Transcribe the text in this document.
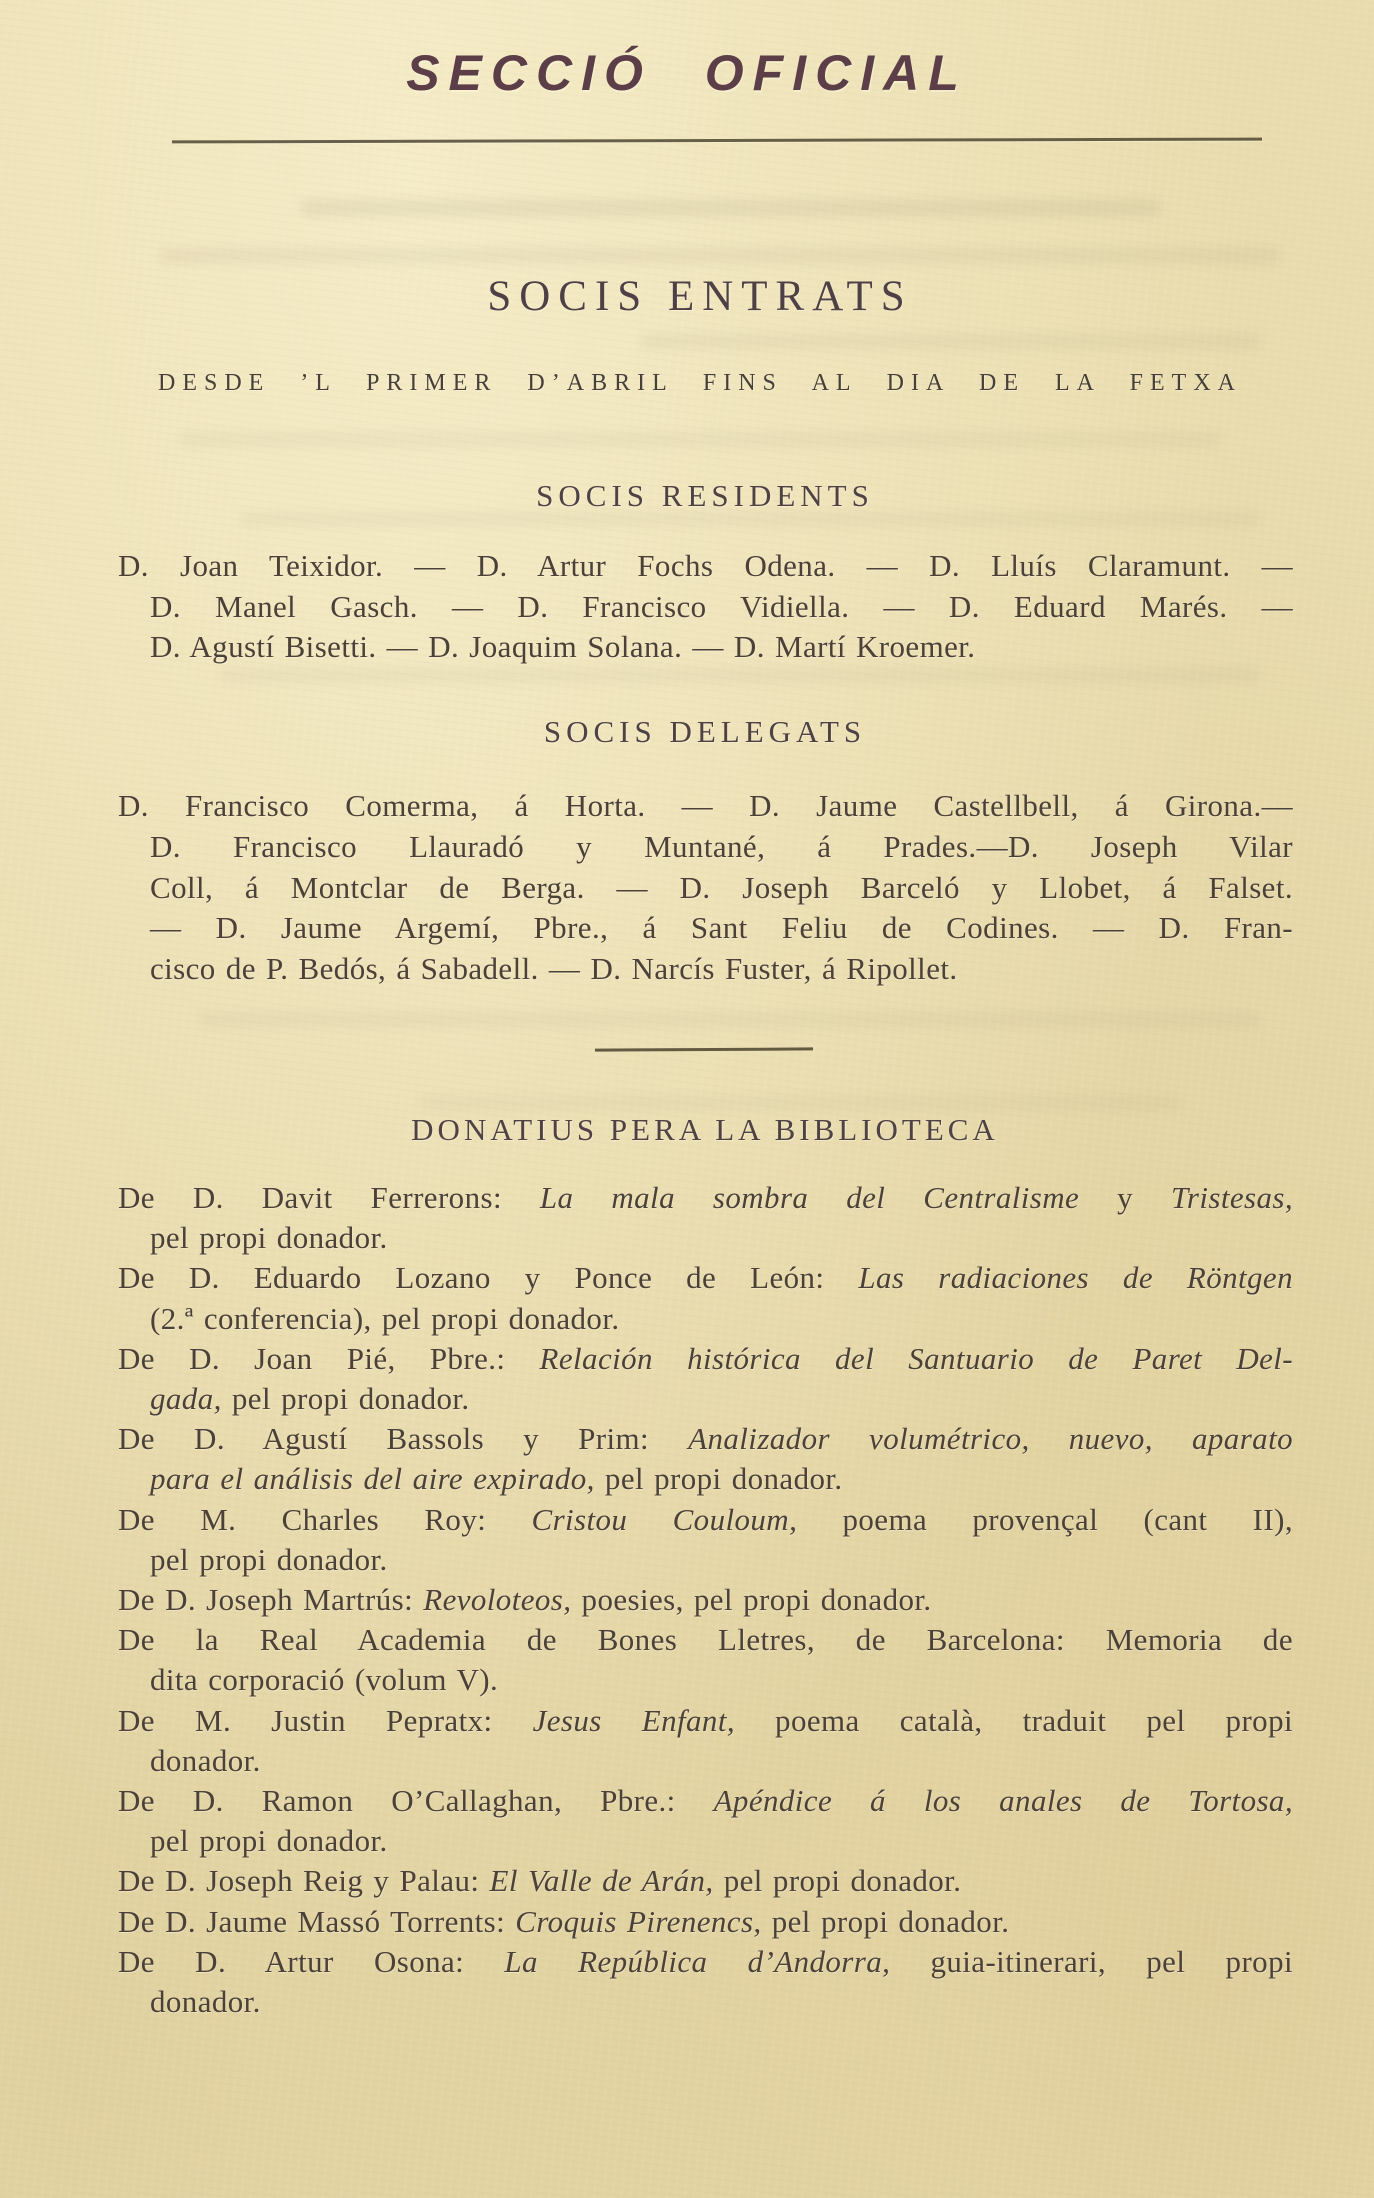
SECCIÓ OFICIAL
SOCIS ENTRATS
DESDE ’L PRIMER D’ABRIL FINS AL DIA DE LA FETXA
SOCIS RESIDENTS
D. Joan Teixidor. — D. Artur Fochs Odena. — D. Lluís Claramunt. —
D. Manel Gasch. — D. Francisco Vidiella. — D. Eduard Marés. —
D. Agustí Bisetti. — D. Joaquim Solana. — D. Martí Kroemer.
SOCIS DELEGATS
D. Francisco Comerma, á Horta. — D. Jaume Castellbell, á Girona.—
D. Francisco Llauradó y Muntané, á Prades.—D. Joseph Vilar
Coll, á Montclar de Berga. — D. Joseph Barceló y Llobet, á Falset.
— D. Jaume Argemí, Pbre., á Sant Feliu de Codines. — D. Fran-
cisco de P. Bedós, á Sabadell. — D. Narcís Fuster, á Ripollet.
DONATIUS PERA LA BIBLIOTECA
De D. Davit Ferrerons: La mala sombra del Centralisme y Tristesas,
pel propi donador.
De D. Eduardo Lozano y Ponce de León: Las radiaciones de Röntgen
(2.ª conferencia), pel propi donador.
De D. Joan Pié, Pbre.: Relación histórica del Santuario de Paret Del-
gada, pel propi donador.
De D. Agustí Bassols y Prim: Analizador volumétrico, nuevo, aparato
para el análisis del aire expirado, pel propi donador.
De M. Charles Roy: Cristou Couloum, poema provençal (cant II),
pel propi donador.
De D. Joseph Martrús: Revoloteos, poesies, pel propi donador.
De la Real Academia de Bones Lletres, de Barcelona: Memoria de
dita corporació (volum V).
De M. Justin Pepratx: Jesus Enfant, poema català, traduit pel propi
donador.
De D. Ramon O’Callaghan, Pbre.: Apéndice á los anales de Tortosa,
pel propi donador.
De D. Joseph Reig y Palau: El Valle de Arán, pel propi donador.
De D. Jaume Massó Torrents: Croquis Pirenencs, pel propi donador.
De D. Artur Osona: La República d’Andorra, guia-itinerari, pel propi
donador.
